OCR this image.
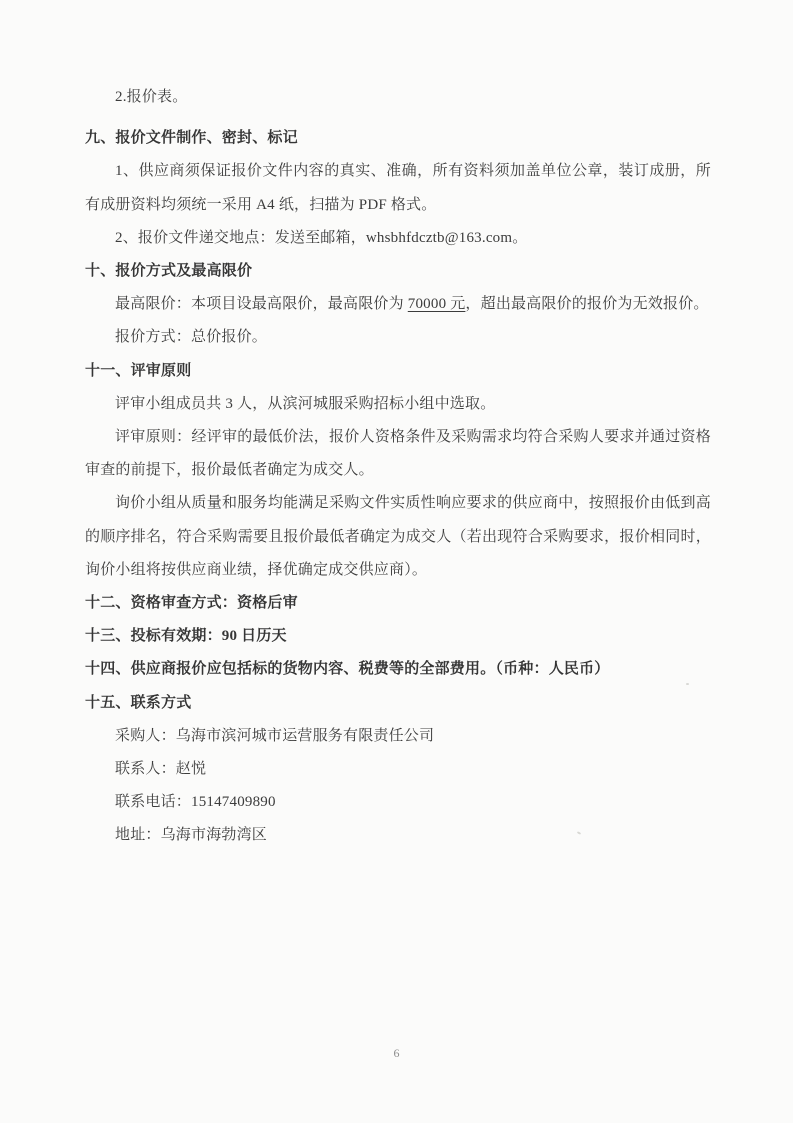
2.报价表。

九、报价文件制作、密封、标记

1、供应商须保证报价文件内容的真实、准确，所有资料须加盖单位公章，装订成册，所有成册资料均须统一采用 A4 纸，扫描为 PDF 格式。

2、报价文件递交地点：发送至邮箱，whsbhfdcztb@163.com。

十、报价方式及最高限价

最高限价：本项目设最高限价，最高限价为 70000 元，超出最高限价的报价为无效报价。

报价方式：总价报价。

十一、评审原则

评审小组成员共 3 人，从滨河城服采购招标小组中选取。

评审原则：经评审的最低价法，报价人资格条件及采购需求均符合采购人要求并通过资格审查的前提下，报价最低者确定为成交人。

询价小组从质量和服务均能满足采购文件实质性响应要求的供应商中，按照报价由低到高的顺序排名，符合采购需要且报价最低者确定为成交人（若出现符合采购要求，报价相同时，询价小组将按供应商业绩，择优确定成交供应商）。

十二、资格审查方式：资格后审

十三、投标有效期：90 日历天

十四、供应商报价应包括标的货物内容、税费等的全部费用。（币种：人民币）

十五、联系方式

采购人：乌海市滨河城市运营服务有限责任公司

联系人：赵悦

联系电话：15147409890

地址：乌海市海勃湾区

6
